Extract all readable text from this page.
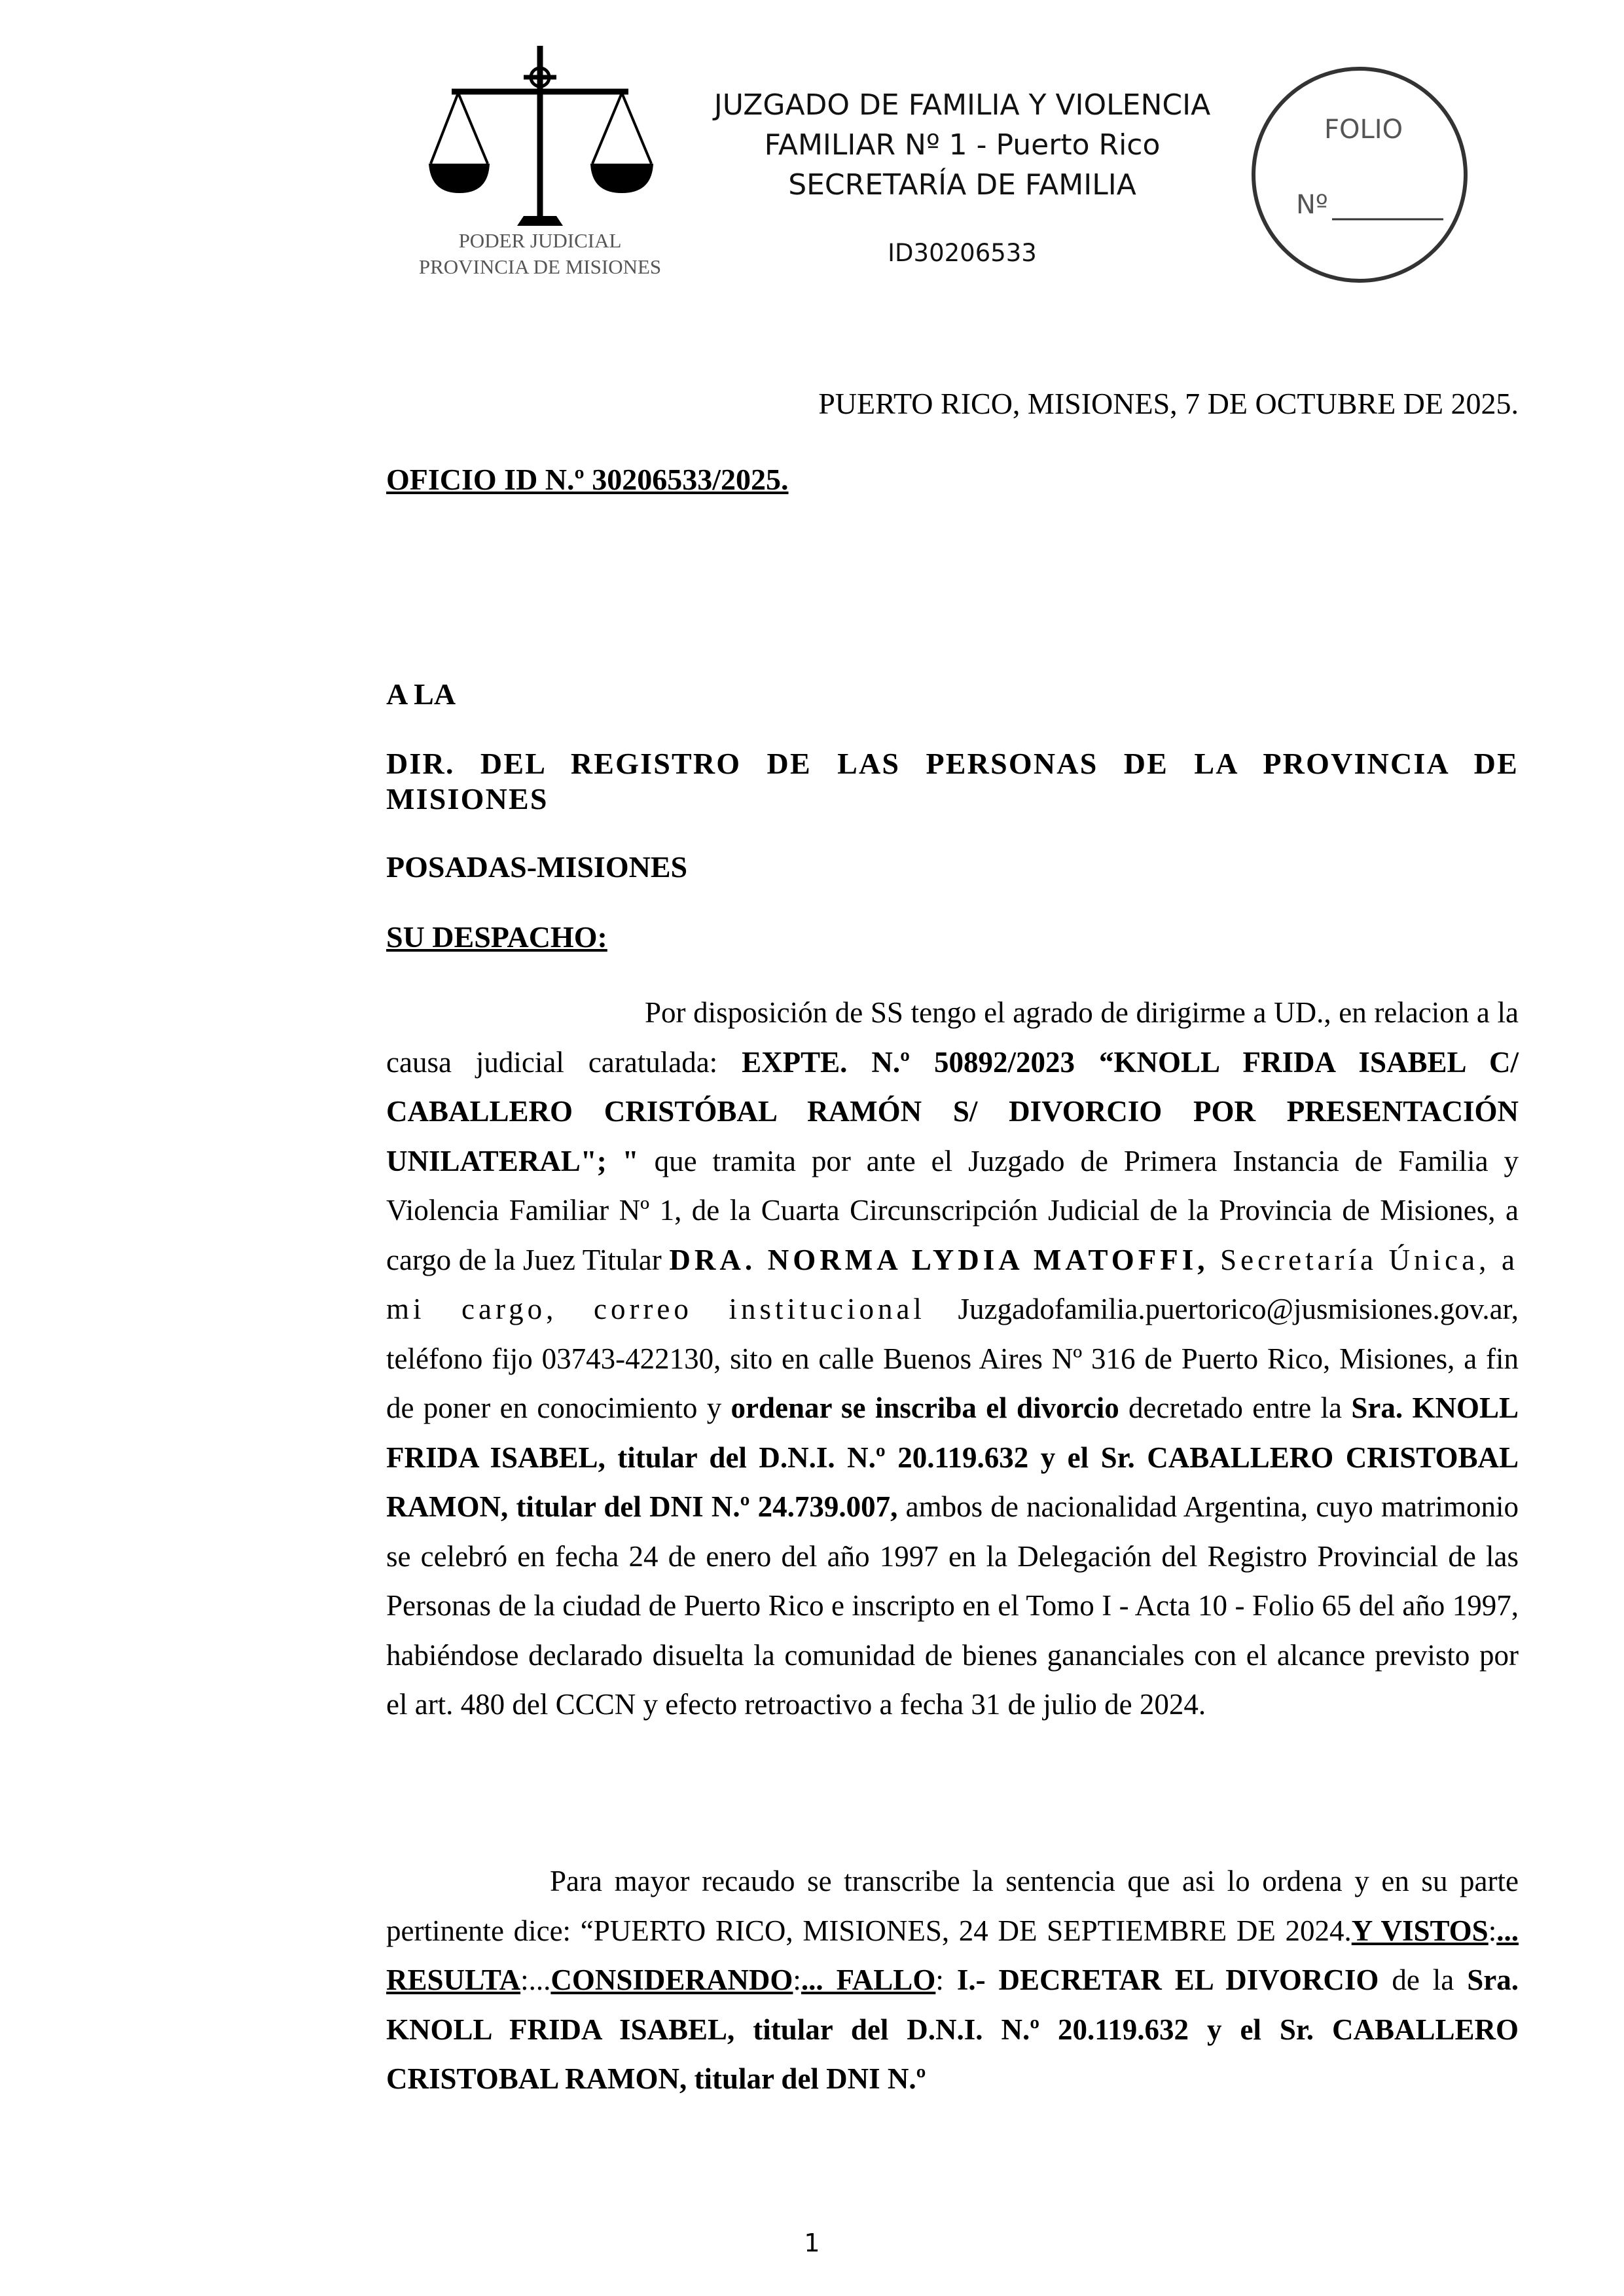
PODER JUDICIAL
PROVINCIA DE MISIONES
JUZGADO DE FAMILIA Y VIOLENCIA
FAMILIAR Nº 1 - Puerto Rico
SECRETARÍA DE FAMILIA
ID30206533
FOLIO
Nº
PUERTO RICO, MISIONES, 7 DE OCTUBRE DE 2025.
OFICIO ID N.º 30206533/2025.
A LA
DIR. DEL REGISTRO DE LAS PERSONAS DE LA PROVINCIA DE MISIONES
POSADAS-MISIONES
SU DESPACHO:
Por disposición de SS tengo el agrado de dirigirme a UD., en relacion a la causa judicial caratulada: EXPTE. N.º 50892/2023 “KNOLL FRIDA ISABEL C/ CABALLERO CRISTÓBAL RAMÓN S/ DIVORCIO POR PRESENTACIÓN UNILATERAL"; " que tramita por ante el Juzgado de Primera Instancia de Familia y Violencia Familiar Nº 1, de la Cuarta Circunscripción Judicial de la Provincia de Misiones, a cargo de la Juez Titular DRA. NORMA LYDIA MATOFFI, Secretaría Única, a mi cargo, correo institucional Juzgadofamilia.puertorico@jusmisiones.gov.ar, teléfono fijo 03743-422130, sito en calle Buenos Aires Nº 316 de Puerto Rico, Misiones, a fin de poner en conocimiento y ordenar se inscriba el divorcio decretado entre la Sra. KNOLL FRIDA ISABEL, titular del D.N.I. N.º 20.119.632 y el Sr. CABALLERO CRISTOBAL RAMON, titular del DNI N.º 24.739.007, ambos de nacionalidad Argentina, cuyo matrimonio se celebró en fecha 24 de enero del año 1997 en la Delegación del Registro Provincial de las Personas de la ciudad de Puerto Rico e inscripto en el Tomo I - Acta 10 - Folio 65 del año 1997, habiéndose declarado disuelta la comunidad de bienes gananciales con el alcance previsto por el art. 480 del CCCN y efecto retroactivo a fecha 31 de julio de 2024.
Para mayor recaudo se transcribe la sentencia que asi lo ordena y en su parte pertinente dice: “PUERTO RICO, MISIONES, 24 DE SEPTIEMBRE DE 2024.Y VISTOS:... RESULTA:...CONSIDERANDO:... FALLO: I.- DECRETAR EL DIVORCIO de la Sra. KNOLL FRIDA ISABEL, titular del D.N.I. N.º 20.119.632 y el Sr. CABALLERO CRISTOBAL RAMON, titular del DNI N.º
1
